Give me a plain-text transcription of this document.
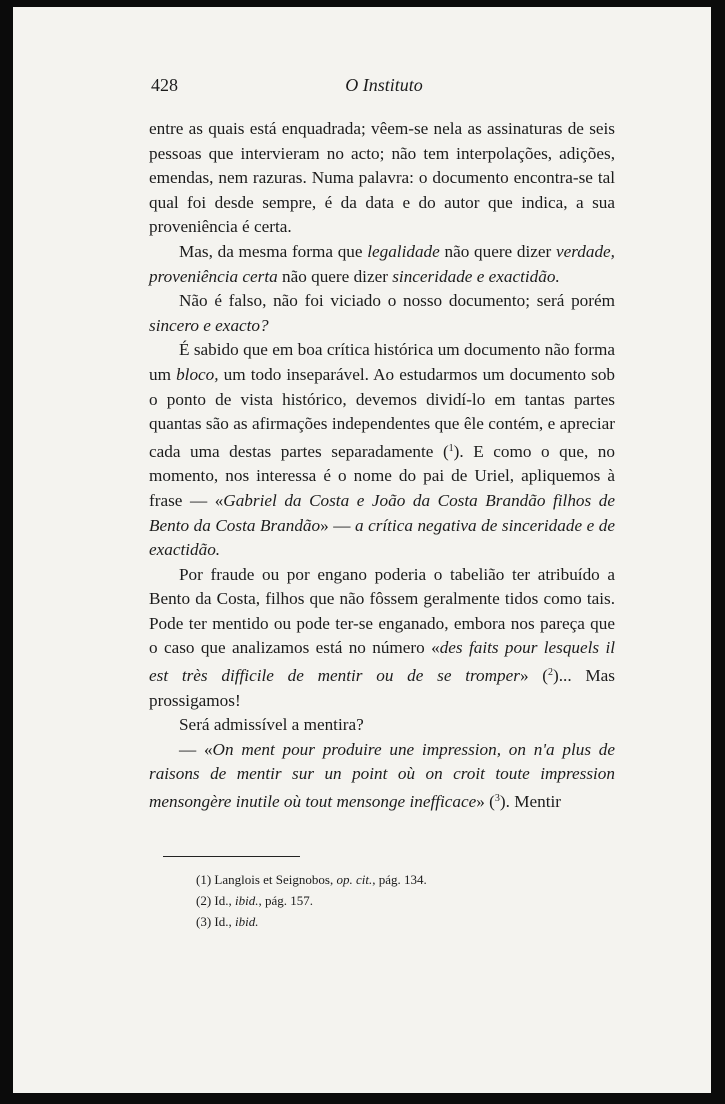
428	O Instituto

entre as quais está enquadrada; vêem-se nela as assinaturas de seis pessoas que intervieram no acto; não tem interpolações, adições, emendas, nem razuras. Numa palavra: o documento encontra-se tal qual foi desde sempre, é da data e do autor que indica, a sua proveniência é certa.

Mas, da mesma forma que legalidade não quere dizer verdade, proveniência certa não quere dizer sinceridade e exactidão.

Não é falso, não foi viciado o nosso documento; será porém sincero e exacto?

É sabido que em boa crítica histórica um documento não forma um bloco, um todo inseparável. Ao estudarmos um documento sob o ponto de vista histórico, devemos dividí-lo em tantas partes quantas são as afirmações independentes que êle contém, e apreciar cada uma destas partes separadamente ($^1$). E como o que, no momento, nos interessa é o nome do pai de Uriel, apliquemos à frase — «Gabriel da Costa e João da Costa Brandão filhos de Bento da Costa Brandão» — a crítica negativa de sinceridade e de exactidão.

Por fraude ou por engano poderia o tabelião ter atribuído a Bento da Costa, filhos que não fôssem geralmente tidos como tais. Pode ter mentido ou pode ter-se enganado, embora nos pareça que o caso que analizamos está no número «des faits pour lesquels il est très difficile de mentir ou de se tromper» ($^2$)... Mas prossigamos!

Será admissível a mentira?

— «On ment pour produire une impression, on n'a plus de raisons de mentir sur un point où on croit toute impression mensongère inutile où tout mensonge inefficace» ($^3$). Mentir

(1) Langlois et Seignobos, op. cit., pág. 134.
(2) Id., ibid., pág. 157.
(3) Id., ibid.
